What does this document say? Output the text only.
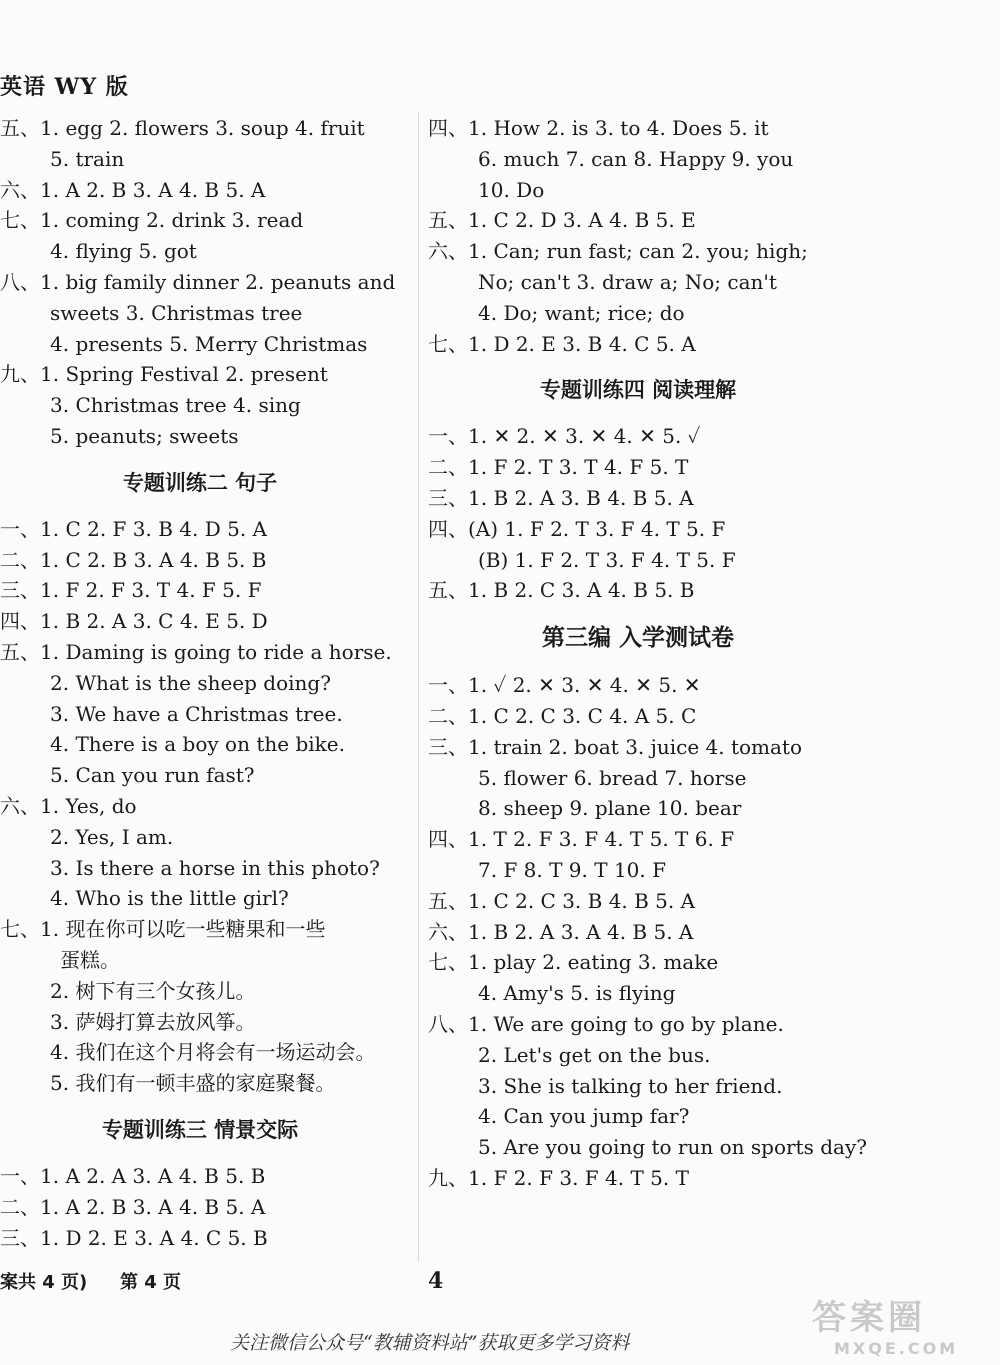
英语 WY 版
五、1. egg 2. flowers 3. soup 4. fruit
5. train
六、1. A 2. B 3. A 4. B 5. A
七、1. coming 2. drink 3. read
4. flying 5. got
八、1. big family dinner 2. peanuts and
sweets 3. Christmas tree
4. presents 5. Merry Christmas
九、1. Spring Festival 2. present
3. Christmas tree 4. sing
5. peanuts; sweets
专题训练二 句子
一、1. C 2. F 3. B 4. D 5. A
二、1. C 2. B 3. A 4. B 5. B
三、1. F 2. F 3. T 4. F 5. F
四、1. B 2. A 3. C 4. E 5. D
五、1. Daming is going to ride a horse.
2. What is the sheep doing?
3. We have a Christmas tree.
4. There is a boy on the bike.
5. Can you run fast?
六、1. Yes, do
2. Yes, I am.
3. Is there a horse in this photo?
4. Who is the little girl?
七、1. 现在你可以吃一些糖果和一些
蛋糕。
2. 树下有三个女孩儿。
3. 萨姆打算去放风筝。
4. 我们在这个月将会有一场运动会。
5. 我们有一顿丰盛的家庭聚餐。
专题训练三 情景交际
一、1. A 2. A 3. A 4. B 5. B
二、1. A 2. B 3. A 4. B 5. A
三、1. D 2. E 3. A 4. C 5. B
四、1. How 2. is 3. to 4. Does 5. it
6. much 7. can 8. Happy 9. you
10. Do
五、1. C 2. D 3. A 4. B 5. E
六、1. Can; run fast; can 2. you; high;
No; can't 3. draw a; No; can't
4. Do; want; rice; do
七、1. D 2. E 3. B 4. C 5. A
专题训练四 阅读理解
一、1. ✕ 2. ✕ 3. ✕ 4. ✕ 5. ✓
二、1. F 2. T 3. T 4. F 5. T
三、1. B 2. A 3. B 4. B 5. A
四、(A) 1. F 2. T 3. F 4. T 5. F
(B) 1. F 2. T 3. F 4. T 5. F
五、1. B 2. C 3. A 4. B 5. B
第三编 入学测试卷
一、1. ✓ 2. ✕ 3. ✕ 4. ✕ 5. ✕
二、1. C 2. C 3. C 4. A 5. C
三、1. train 2. boat 3. juice 4. tomato
5. flower 6. bread 7. horse
8. sheep 9. plane 10. bear
四、1. T 2. F 3. F 4. T 5. T 6. F
7. F 8. T 9. T 10. F
五、1. C 2. C 3. B 4. B 5. A
六、1. B 2. A 3. A 4. B 5. A
七、1. play 2. eating 3. make
4. Amy's 5. is flying
八、1. We are going to go by plane.
2. Let's get on the bus.
3. She is talking to her friend.
4. Can you jump far?
5. Are you going to run on sports day?
九、1. F 2. F 3. F 4. T 5. T
案共 4 页) 第 4 页	4
关注微信公众号“教辅资料站”获取更多学习资料
答案圈
MXQE.COM
